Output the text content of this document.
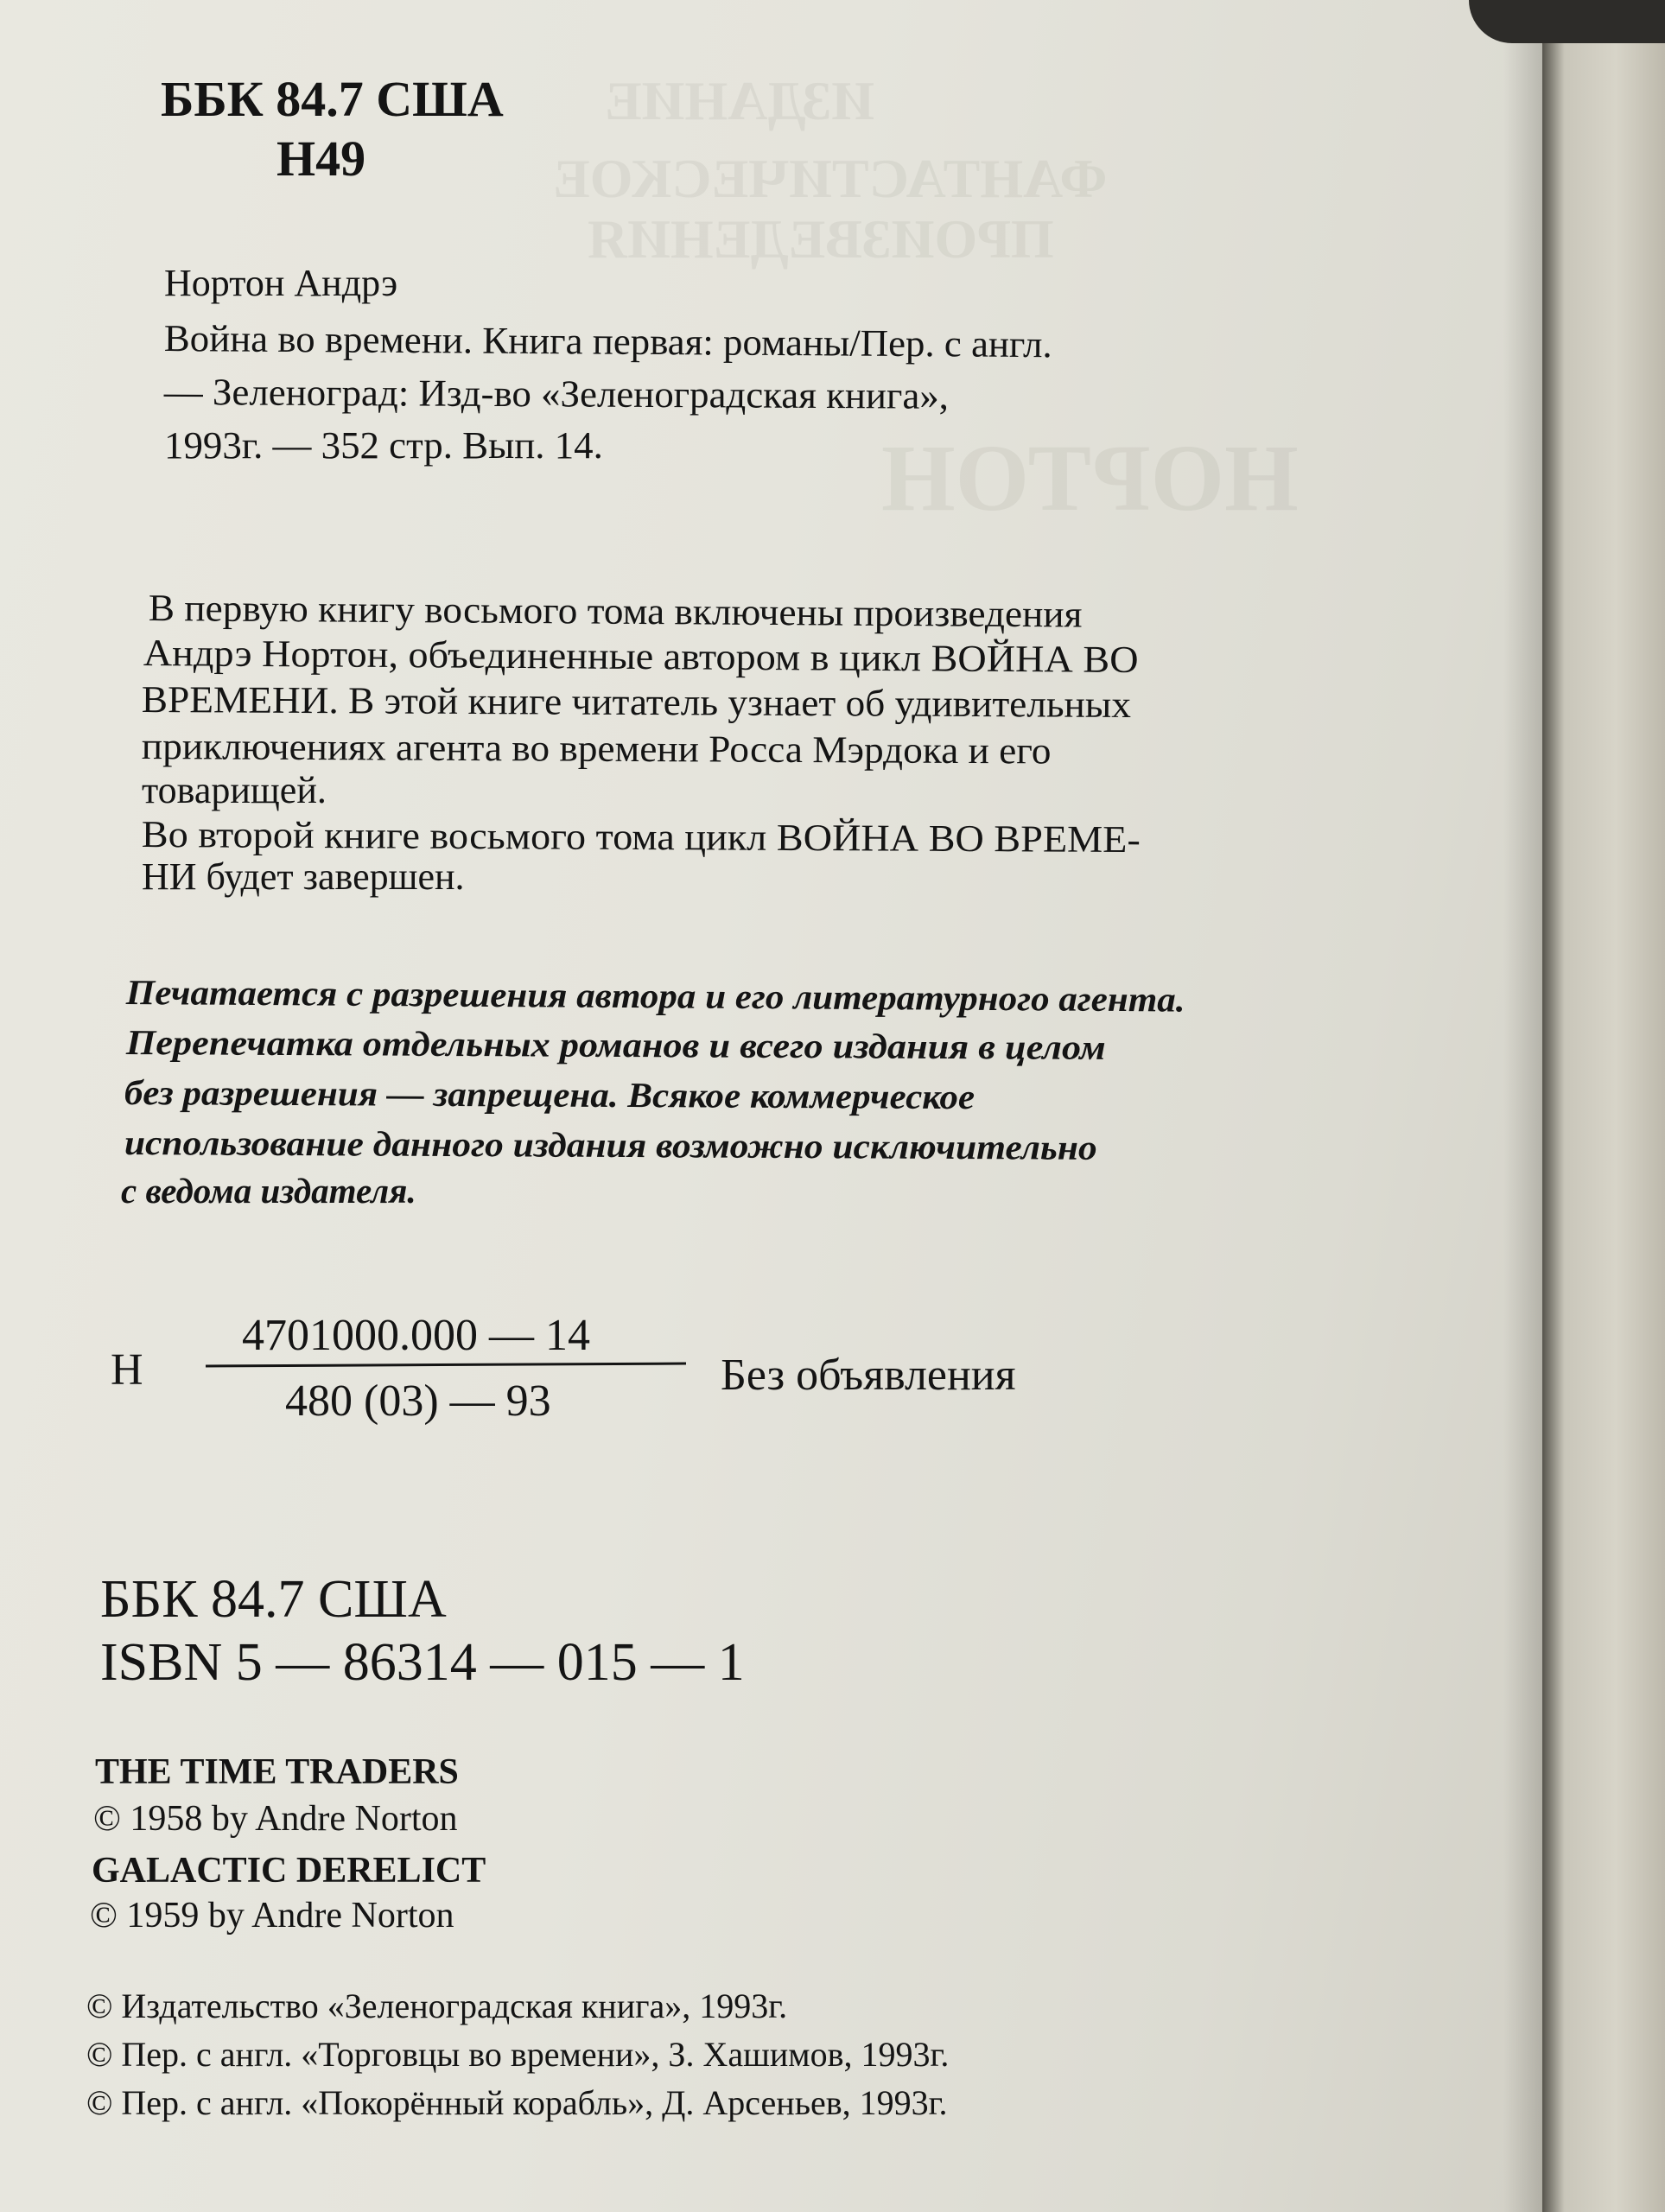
ИЗДАНИЕ
ФАНТАСТИЧЕСКОЕ
ПРОИЗВЕДЕНИЯ
НОРТОН
ББК 84.7 США
Н49
Нортон Андрэ
Война во времени. Книга первая: романы/Пер. с англ.
— Зеленоград: Изд-во «Зеленоградская книга»,
1993г. — 352 стр. Вып. 14.
В первую книгу восьмого тома включены произведения
Андрэ Нортон, объединенные автором в цикл ВОЙНА ВО
ВРЕМЕНИ. В этой книге читатель узнает об удивительных
приключениях агента во времени Росса Мэрдока и его
товарищей.
Во второй книге восьмого тома цикл ВОЙНА ВО ВРЕМЕ-
НИ будет завершен.
Печатается с разрешения автора и его литературного агента.
Перепечатка отдельных романов и всего издания в целом
без разрешения — запрещена. Всякое коммерческое
использование данного издания возможно исключительно
с ведома издателя.
Н
4701000.000 — 14
480 (03) — 93
Без объявления
ББК 84.7 США
ISBN 5 — 86314 — 015 — 1
THE TIME TRADERS
© 1958 by Andre Norton
GALACTIC DERELICT
© 1959 by Andre Norton
© Издательство «Зеленоградская книга», 1993г.
© Пер. с англ. «Торговцы во времени», З. Хашимов, 1993г.
© Пер. с англ. «Покорённый корабль», Д. Арсеньев, 1993г.
